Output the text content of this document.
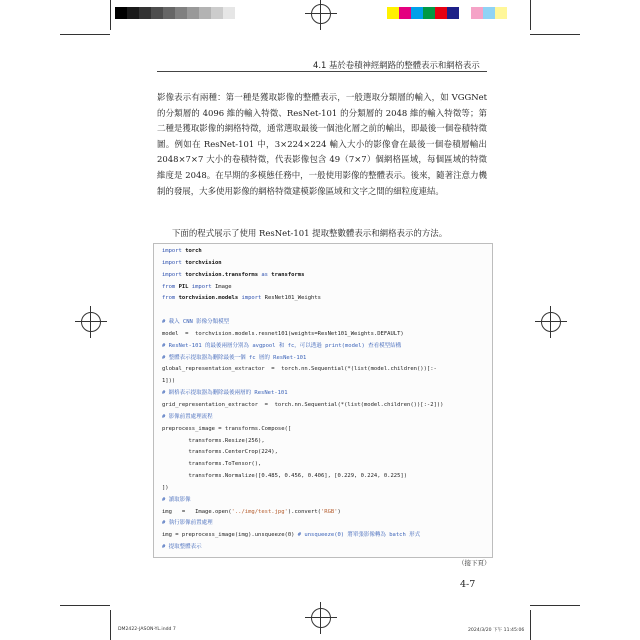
4.1 基於卷積神經網路的整體表示和網格表示
影像表示有兩種：第一種是獲取影像的整體表示，一般選取分類層的輸入，如 VGGNet 的分類層的 4096 維的輸入特徵、ResNet-101 的分類層的 2048 維的輸入特徵等；第二種是獲取影像的網格特徵，通常選取最後一個池化層之前的輸出，即最後一個卷積特徵圖。例如在 ResNet-101 中，3×224×224 輸入大小的影像會在最後一個卷積層輸出 2048×7×7 大小的卷積特徵，代表影像包含 49（7×7）個網格區域，每個區域的特徵維度是 2048。在早期的多模態任務中，一般使用影像的整體表示。後來，隨著注意力機制的發展，大多使用影像的網格特徵建模影像區域和文字之間的細粒度連結。
下面的程式展示了使用 ResNet-101 提取整數體表示和網格表示的方法。
import torch
import torchvision
import torchvision.transforms as transforms
from PIL import Image
from torchvision.models import ResNet101_Weights
# 載入 CNN 影像分類模型
model  =  torchvision.models.resnet101(weights=ResNet101_Weights.DEFAULT)
# ResNet-101 的最後兩層分別為 avgpool 和 fc，可以透過 print(model) 查看模型結構
# 整體表示提取器為刪除最後一個 fc 層的 ResNet-101
global_representation_extractor  =  torch.nn.Sequential(*(list(model.children())[:-
1]))
# 網格表示提取器為刪除最後兩層的 ResNet-101
grid_representation_extractor  =  torch.nn.Sequential(*(list(model.children())[:-2]))
# 影像前置處理流程
preprocess_image = transforms.Compose([
transforms.Resize(256),
transforms.CenterCrop(224),
transforms.ToTensor(),
transforms.Normalize([0.485, 0.456, 0.406], [0.229, 0.224, 0.225])
])
# 讀取影像
img   =   Image.open('../img/test.jpg').convert('RGB')
# 執行影像前置處理
img = preprocess_image(img).unsqueeze(0) # unsqueeze(0) 將單張影像轉為 batch 形式
# 提取整體表示
（接下頁）
4-7
DM2422-JASON-YL.indd 7	2024/3/20 下午 11:45:06
